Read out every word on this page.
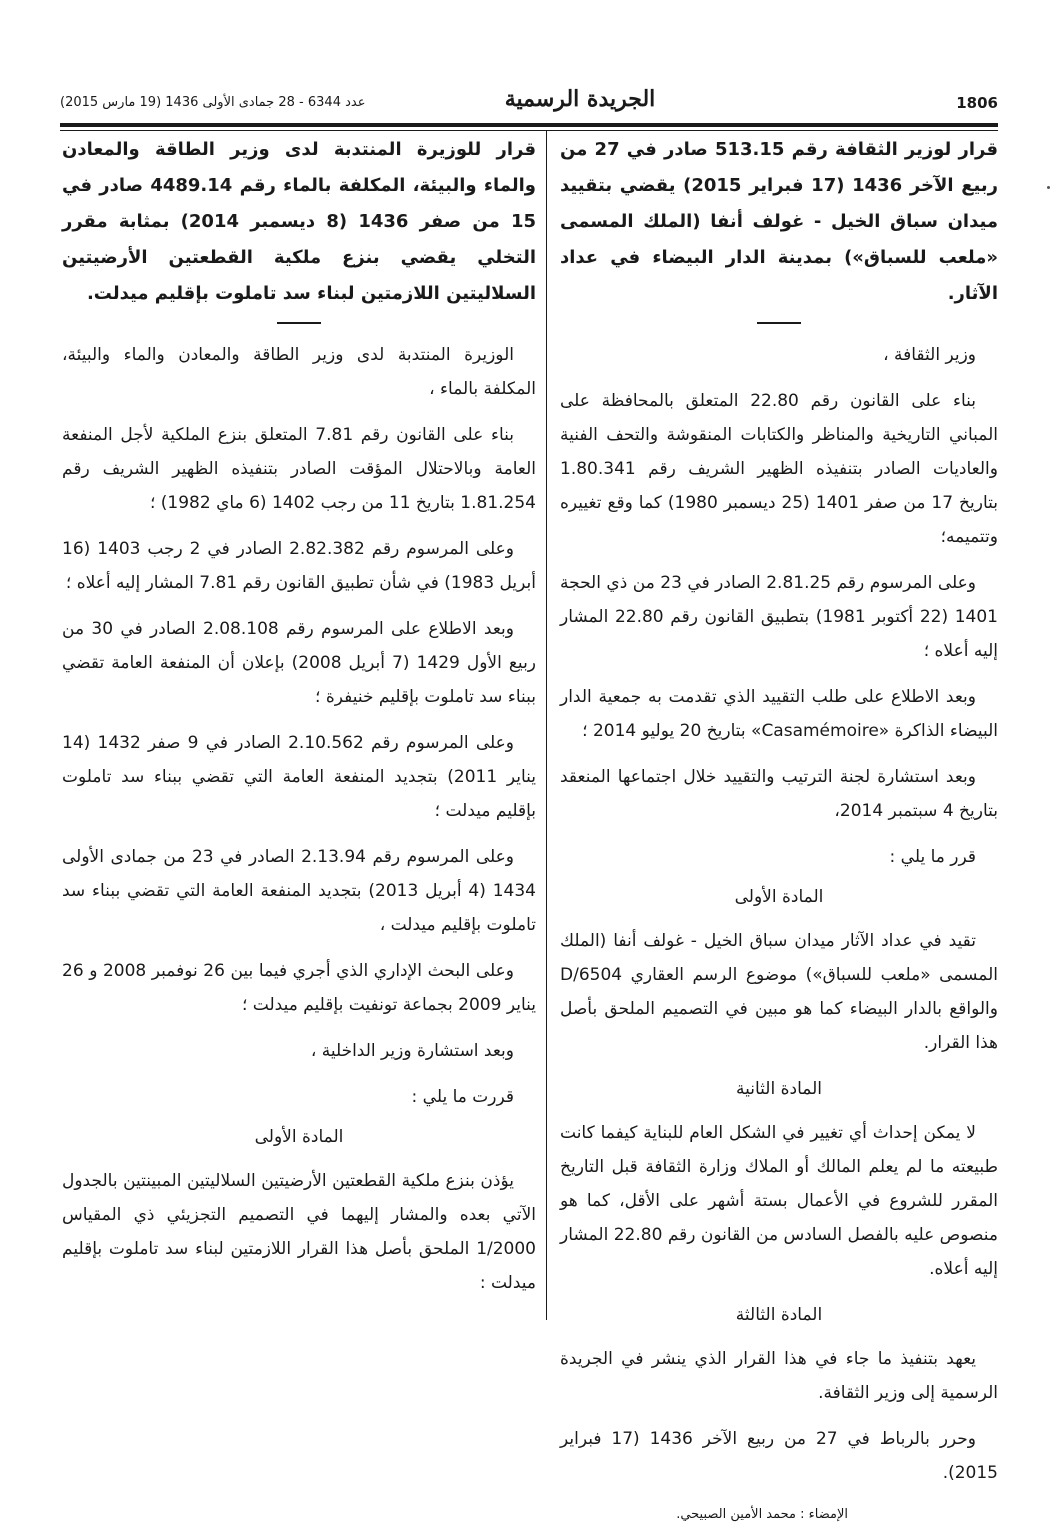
1806
الجريدة الرسمية
عدد 6344 - 28 جمادى الأولى 1436 (19 مارس 2015)

قرار لوزير الثقافة رقم 513.15 صادر في 27 من ربيع الآخر 1436 (17 فبراير 2015) يقضي بتقييد ميدان سباق الخيل - غولف أنفا (الملك المسمى «ملعب للسباق») بمدينة الدار البيضاء في عداد الآثار.

وزير الثقافة ،

بناء على القانون رقم 22.80 المتعلق بالمحافظة على المباني التاريخية والمناظر والكتابات المنقوشة والتحف الفنية والعاديات الصادر بتنفيذه الظهير الشريف رقم 1.80.341 بتاريخ 17 من صفر 1401 (25 ديسمبر 1980) كما وقع تغييره وتتميمه؛

وعلى المرسوم رقم 2.81.25 الصادر في 23 من ذي الحجة 1401 (22 أكتوبر 1981) بتطبيق القانون رقم 22.80 المشار إليه أعلاه ؛

وبعد الاطلاع على طلب التقييد الذي تقدمت به جمعية الدار البيضاء الذاكرة «Casamémoire» بتاريخ 20 يوليو 2014 ؛

وبعد استشارة لجنة الترتيب والتقييد خلال اجتماعها المنعقد بتاريخ 4 سبتمبر 2014،

قرر ما يلي :

المادة الأولى

تقيد في عداد الآثار ميدان سباق الخيل - غولف أنفا (الملك المسمى «ملعب للسباق») موضوع الرسم العقاري D/6504 والواقع بالدار البيضاء كما هو مبين في التصميم الملحق بأصل هذا القرار.

المادة الثانية

لا يمكن إحداث أي تغيير في الشكل العام للبناية كيفما كانت طبيعته ما لم يعلم المالك أو الملاك وزارة الثقافة قبل التاريخ المقرر للشروع في الأعمال بستة أشهر على الأقل، كما هو منصوص عليه بالفصل السادس من القانون رقم 22.80 المشار إليه أعلاه.

المادة الثالثة

يعهد بتنفيذ ما جاء في هذا القرار الذي ينشر في الجريدة الرسمية إلى وزير الثقافة.

وحرر بالرباط في 27 من ربيع الآخر 1436 (17 فبراير 2015).

الإمضاء : محمد الأمين الصبيحي.

قرار للوزيرة المنتدبة لدى وزير الطاقة والمعادن والماء والبيئة، المكلفة بالماء رقم 4489.14 صادر في 15 من صفر 1436 (8 ديسمبر 2014) بمثابة مقرر التخلي يقضي بنزع ملكية القطعتين الأرضيتين السلاليتين اللازمتين لبناء سد تاملوت بإقليم ميدلت.

الوزيرة المنتدبة لدى وزير الطاقة والمعادن والماء والبيئة، المكلفة بالماء ،

بناء على القانون رقم 7.81 المتعلق بنزع الملكية لأجل المنفعة العامة وبالاحتلال المؤقت الصادر بتنفيذه الظهير الشريف رقم 1.81.254 بتاريخ 11 من رجب 1402 (6 ماي 1982) ؛

وعلى المرسوم رقم 2.82.382 الصادر في 2 رجب 1403 (16 أبريل 1983) في شأن تطبيق القانون رقم 7.81 المشار إليه أعلاه ؛

وبعد الاطلاع على المرسوم رقم 2.08.108 الصادر في 30 من ربيع الأول 1429 (7 أبريل 2008) بإعلان أن المنفعة العامة تقضي ببناء سد تاملوت بإقليم خنيفرة ؛

وعلى المرسوم رقم 2.10.562 الصادر في 9 صفر 1432 (14 يناير 2011) بتجديد المنفعة العامة التي تقضي ببناء سد تاملوت بإقليم ميدلت ؛

وعلى المرسوم رقم 2.13.94 الصادر في 23 من جمادى الأولى 1434 (4 أبريل 2013) بتجديد المنفعة العامة التي تقضي ببناء سد تاملوت بإقليم ميدلت ،

وعلى البحث الإداري الذي أجري فيما بين 26 نوفمبر 2008 و 26 يناير 2009 بجماعة تونفيت بإقليم ميدلت ؛

وبعد استشارة وزير الداخلية ،

قررت ما يلي :

المادة الأولى

يؤذن بنزع ملكية القطعتين الأرضيتين السلاليتين المبينتين بالجدول الآتي بعده والمشار إليهما في التصميم التجزيئي ذي المقياس 1/2000 الملحق بأصل هذا القرار اللازمتين لبناء سد تاملوت بإقليم ميدلت :
